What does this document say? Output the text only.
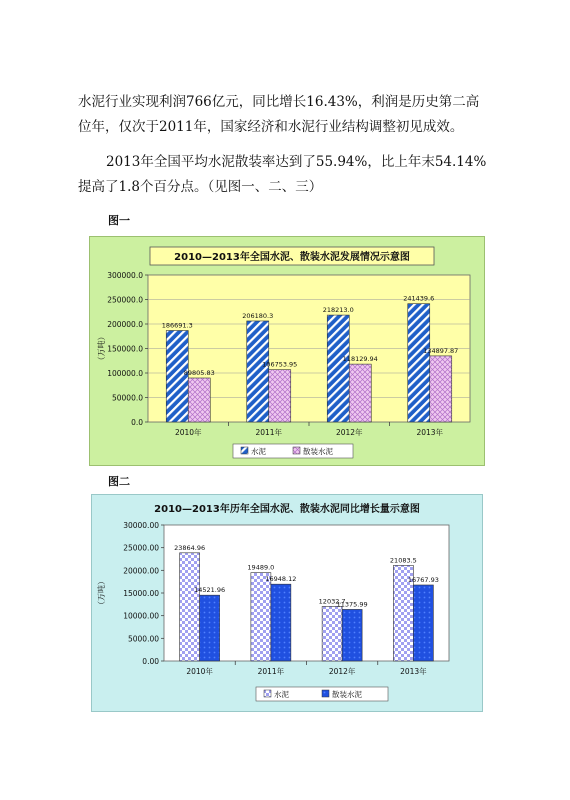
水泥行业实现利润766亿元，同比增长16.43%，利润是历史第二高
位年，仅次于2011年，国家经济和水泥行业结构调整初见成效。

2013年全国平均水泥散装率达到了55.94%，比上年末54.14%
提高了1.8个百分点。（见图一、二、三）

图一
2010—2013年全国水泥、散装水泥发展情况示意图
0.0
50000.0
100000.0
150000.0
200000.0
250000.0
300000.0
（万吨）
186691.3
89805.83
2010年
206180.3
106753.95
2011年
218213.0
118129.94
2012年
241439.6
134897.87
2013年
水泥	散装水泥
图二
2010—2013年历年全国水泥、散装水泥同比增长量示意图
0.00
5000.00
10000.00
15000.00
20000.00
25000.00
30000.00
（万吨）
23864.96
14521.96
2010年
19489.0
16948.12
2011年
12032.7
11375.99
2012年
21083.5
16767.93
2013年
水泥	散装水泥
